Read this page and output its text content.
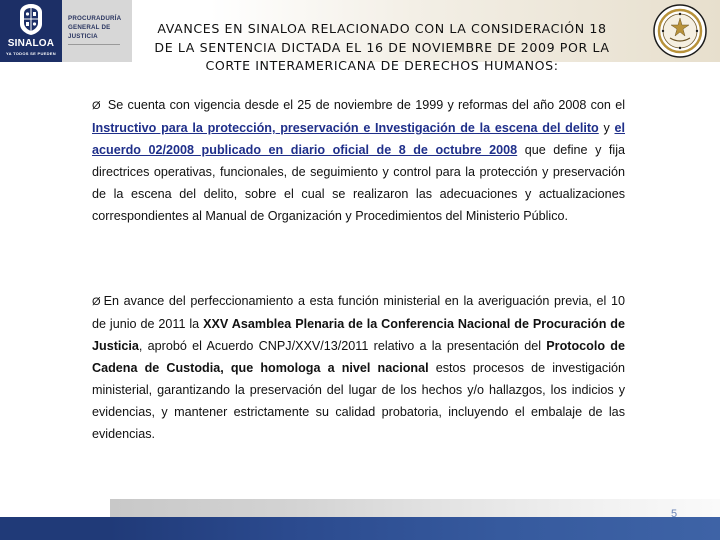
SINALOA
YA TODOS SE PUEDEN
PROCURADURÍA
GENERAL DE
JUSTICIA
AVANCES EN SINALOA RELACIONADO CON LA CONSIDERACIÓN 18
DE LA SENTENCIA DICTADA EL 16 DE NOVIEMBRE DE 2009 POR LA
CORTE INTERAMERICANA DE DERECHOS HUMANOS:
Ø Se cuenta con vigencia desde el 25 de noviembre de 1999 y reformas del año 2008 con el Instructivo para la protección, preservación e Investigación de la escena del delito y el acuerdo 02/2008 publicado en diario oficial de 8 de octubre 2008 que define y fija directrices operativas, funcionales, de seguimiento y control para la protección y preservación de la escena del delito, sobre el cual se realizaron las adecuaciones y actualizaciones correspondientes al Manual de Organización y Procedimientos del Ministerio Público.
Ø En avance del perfeccionamiento a esta función ministerial en la averiguación previa, el 10 de junio de 2011 la XXV Asamblea Plenaria de la Conferencia Nacional de Procuración de Justicia, aprobó el Acuerdo CNPJ/XXV/13/2011 relativo a la presentación del Protocolo de Cadena de Custodia, que homologa a nivel nacional estos procesos de investigación ministerial, garantizando la preservación del lugar de los hechos y/o hallazgos, los indicios y evidencias, y mantener estrictamente su calidad probatoria, incluyendo el embalaje de las evidencias.
5
